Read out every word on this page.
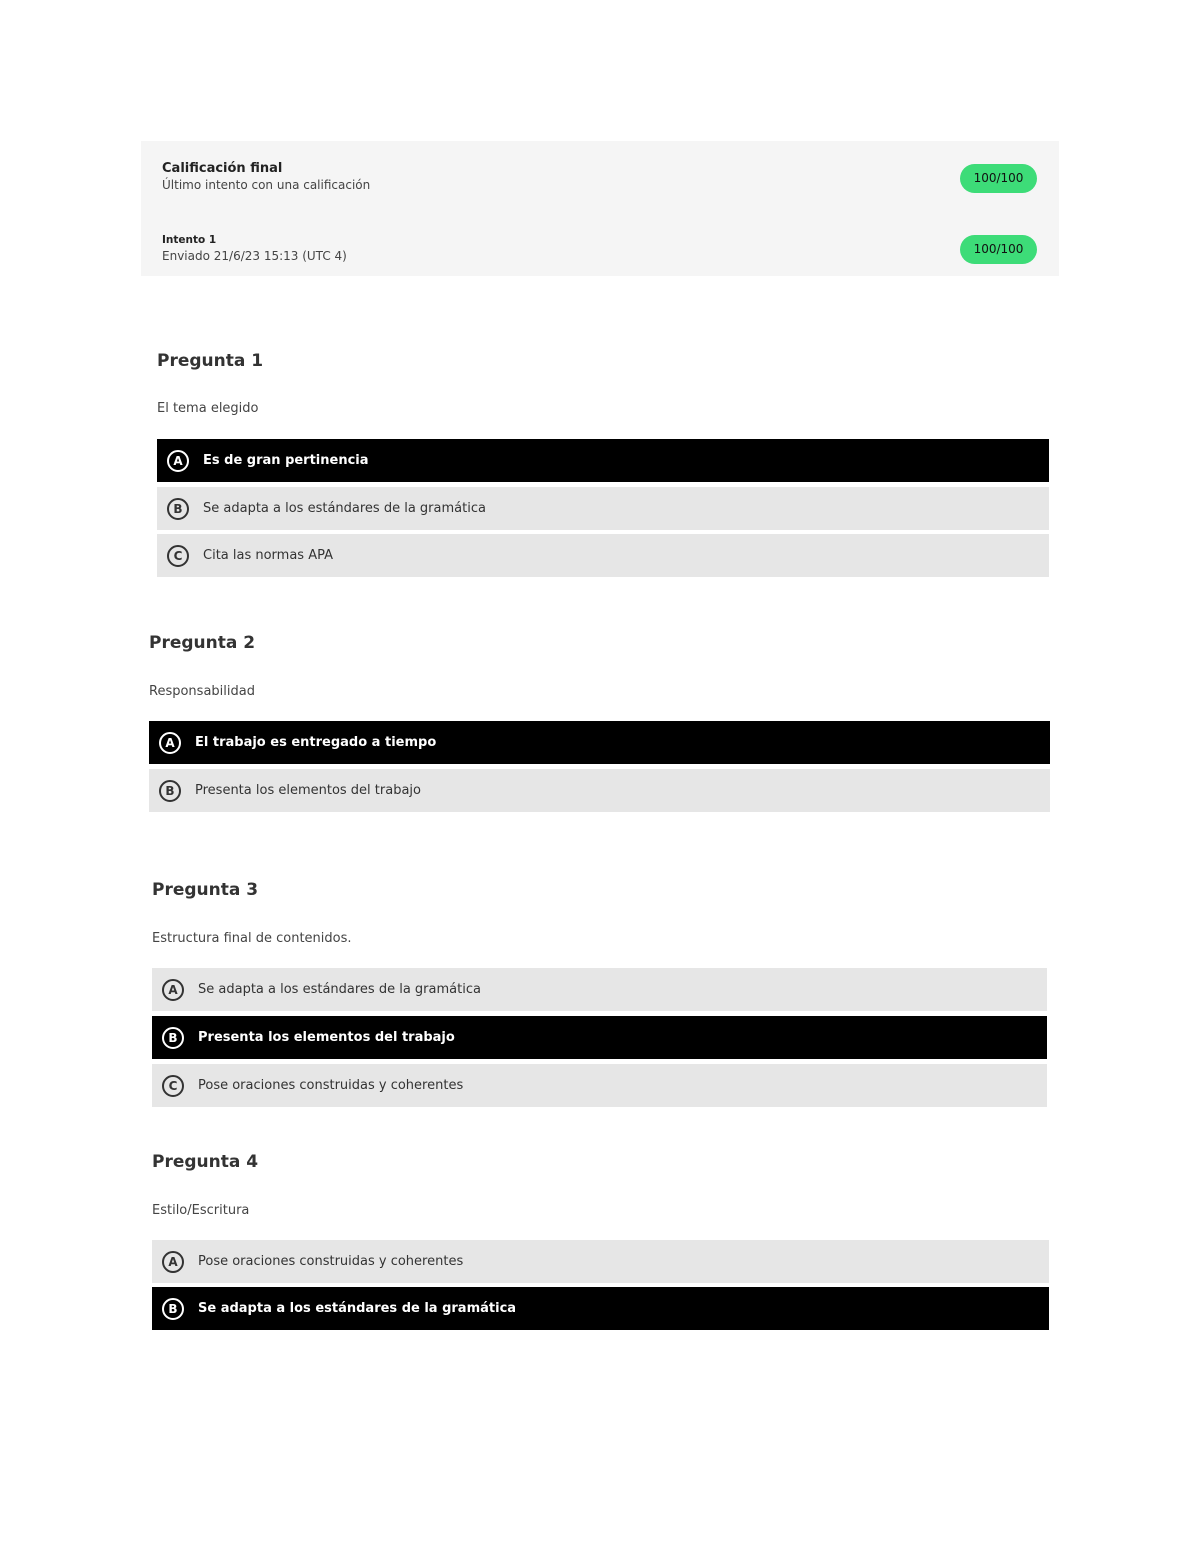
Calificación final
Último intento con una calificación	100/100
Intento 1
Enviado 21/6/23 15:13 (UTC 4)	100/100
Pregunta 1
El tema elegido
A	Es de gran pertinencia
B	Se adapta a los estándares de la gramática
C	Cita las normas APA
Pregunta 2
Responsabilidad
A	El trabajo es entregado a tiempo
B	Presenta los elementos del trabajo
Pregunta 3
Estructura final de contenidos.
A	Se adapta a los estándares de la gramática
B	Presenta los elementos del trabajo
C	Pose oraciones construidas y coherentes
Pregunta 4
Estilo/Escritura
A	Pose oraciones construidas y coherentes
B	Se adapta a los estándares de la gramática
